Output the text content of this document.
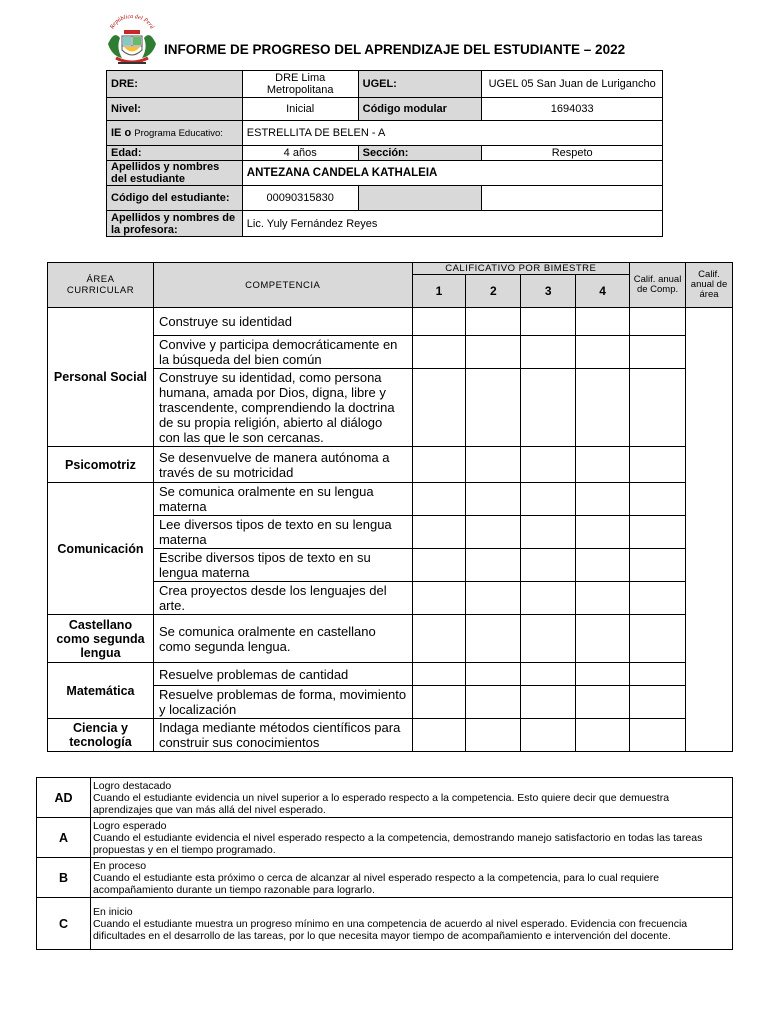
República del Perú
INFORME DE PROGRESO DEL APRENDIZAJE DEL ESTUDIANTE – 2022
DRE:	DRE Lima Metropolitana	UGEL:	UGEL 05 San Juan de Lurigancho
Nivel:	Inicial	Código modular	1694033
IE o Programa Educativo:	ESTRELLITA DE BELEN - A		
Edad:	4 años	Sección:	Respeto
Apellidos y nombres del estudiante	ANTEZANA CANDELA KATHALEIA		
Código del estudiante:	00090315830		
Apellidos y nombres de la profesora:	Lic. Yuly Fernández Reyes		
ÁREA CURRICULAR	COMPETENCIA	CALIFICATIVO POR BIMESTRE				Calif. anual de Comp.	Calif. anual de área
		1	2	3	4		
Personal Social	Construye su identidad						
	Convive y participa democráticamente en la búsqueda del bien común						
	Construye su identidad, como persona humana, amada por Dios, digna, libre y trascendente, comprendiendo la doctrina de su propia religión, abierto al diálogo con las que le son cercanas.						
Psicomotriz	Se desenvuelve de manera autónoma a través de su motricidad						
Comunicación	Se comunica oralmente en su lengua materna						
	Lee diversos tipos de texto en su lengua materna						
	Escribe diversos tipos de texto en su lengua materna						
	Crea proyectos desde los lenguajes del arte.						
Castellano como segunda lengua	Se comunica oralmente en castellano como segunda lengua.						
Matemática	Resuelve problemas de cantidad						
	Resuelve problemas de forma, movimiento y localización						
Ciencia y tecnología	Indaga mediante métodos científicos para construir sus conocimientos						
AD	Logro destacado
Cuando el estudiante evidencia un nivel superior a lo esperado respecto a la competencia. Esto quiere decir que demuestra aprendizajes que van más allá del nivel esperado.

A	Logro esperado
Cuando el estudiante evidencia el nivel esperado respecto a la competencia, demostrando manejo satisfactorio en todas las tareas propuestas y en el tiempo programado.

B	En proceso
Cuando el estudiante esta próximo o cerca de alcanzar al nivel esperado respecto a la competencia, para lo cual requiere acompañamiento durante un tiempo razonable para lograrlo.

C	En inicio
Cuando el estudiante muestra un progreso mínimo en una competencia de acuerdo al nivel esperado. Evidencia con frecuencia dificultades en el desarrollo de las tareas, por lo que necesita mayor tiempo de acompañamiento e intervención del docente.
